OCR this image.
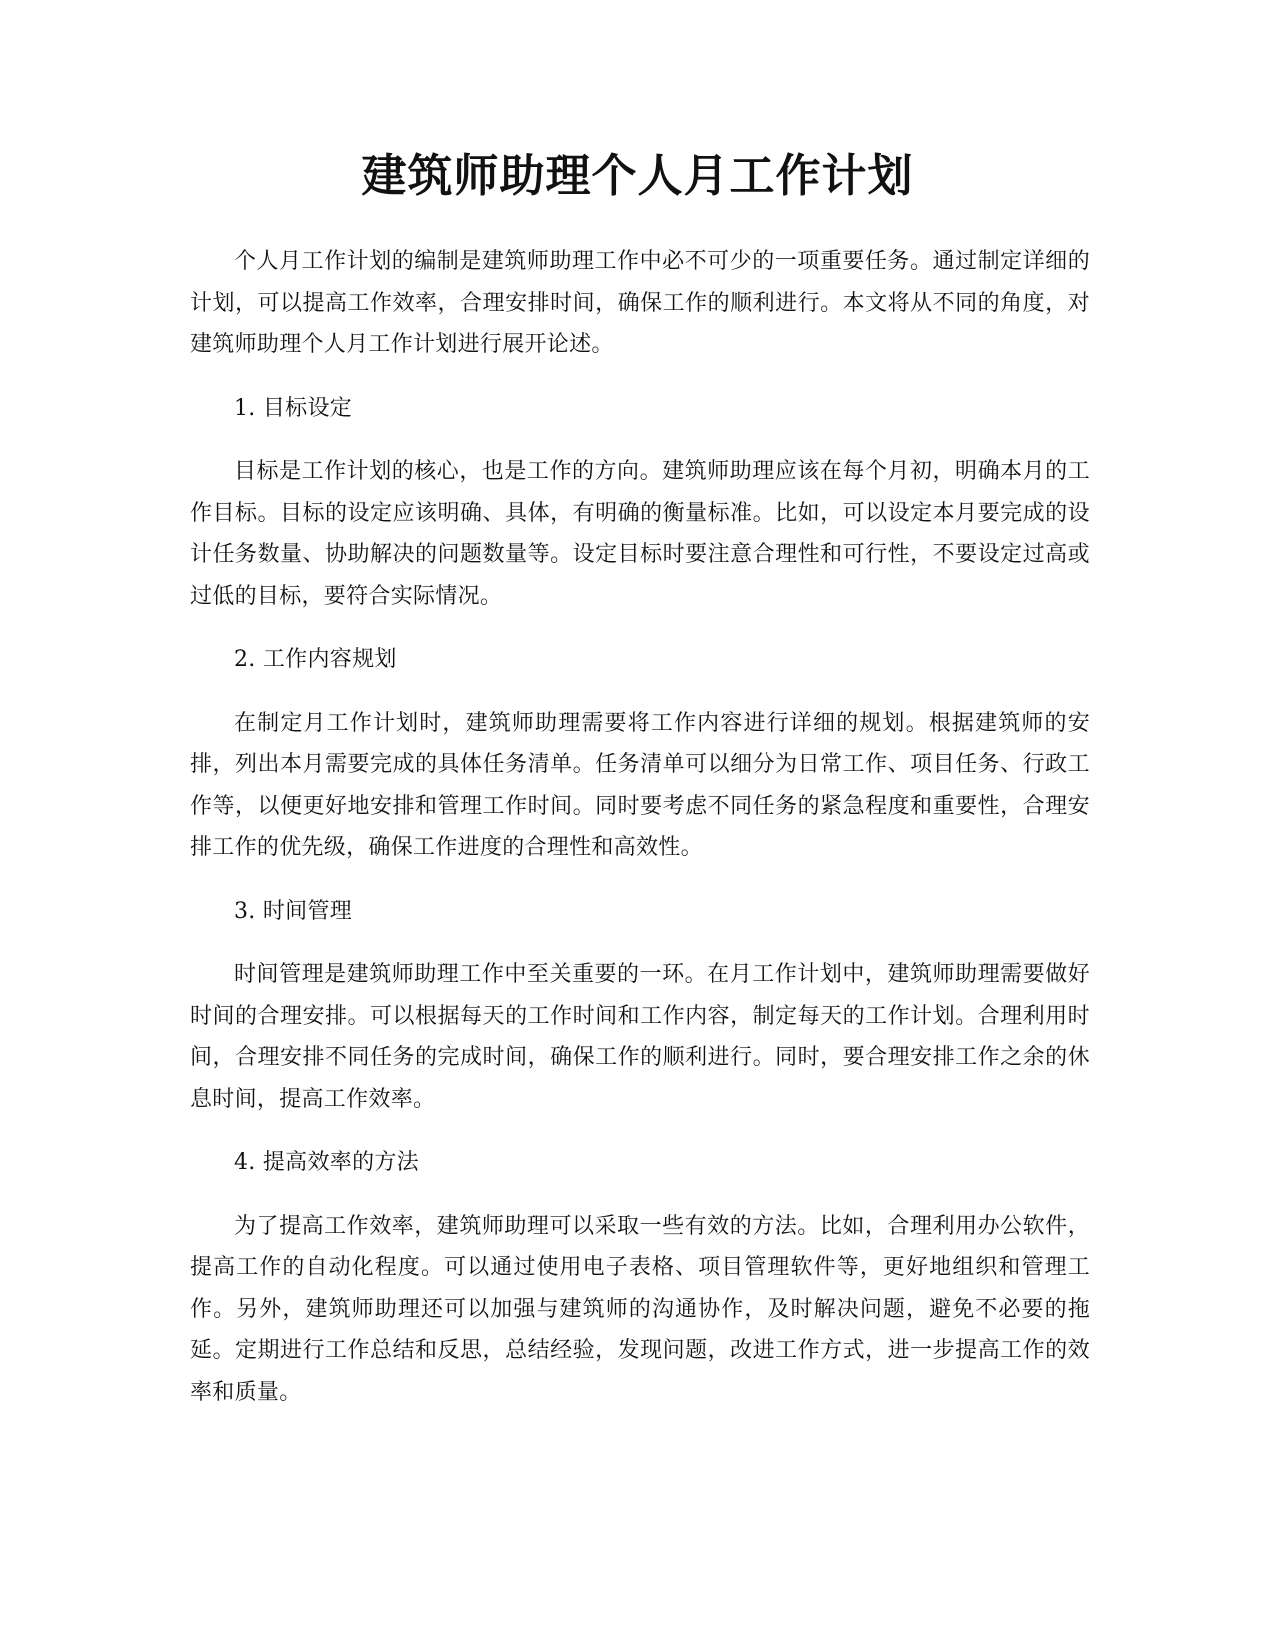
建筑师助理个人月工作计划

个人月工作计划的编制是建筑师助理工作中必不可少的一项重要任务。通过制定详细的计划，可以提高工作效率，合理安排时间，确保工作的顺利进行。本文将从不同的角度，对建筑师助理个人月工作计划进行展开论述。

1. 目标设定

目标是工作计划的核心，也是工作的方向。建筑师助理应该在每个月初，明确本月的工作目标。目标的设定应该明确、具体，有明确的衡量标准。比如，可以设定本月要完成的设计任务数量、协助解决的问题数量等。设定目标时要注意合理性和可行性，不要设定过高或过低的目标，要符合实际情况。

2. 工作内容规划

在制定月工作计划时，建筑师助理需要将工作内容进行详细的规划。根据建筑师的安排，列出本月需要完成的具体任务清单。任务清单可以细分为日常工作、项目任务、行政工作等，以便更好地安排和管理工作时间。同时要考虑不同任务的紧急程度和重要性，合理安排工作的优先级，确保工作进度的合理性和高效性。

3. 时间管理

时间管理是建筑师助理工作中至关重要的一环。在月工作计划中，建筑师助理需要做好时间的合理安排。可以根据每天的工作时间和工作内容，制定每天的工作计划。合理利用时间，合理安排不同任务的完成时间，确保工作的顺利进行。同时，要合理安排工作之余的休息时间，提高工作效率。

4. 提高效率的方法

为了提高工作效率，建筑师助理可以采取一些有效的方法。比如，合理利用办公软件，提高工作的自动化程度。可以通过使用电子表格、项目管理软件等，更好地组织和管理工作。另外，建筑师助理还可以加强与建筑师的沟通协作，及时解决问题，避免不必要的拖延。定期进行工作总结和反思，总结经验，发现问题，改进工作方式，进一步提高工作的效率和质量。
